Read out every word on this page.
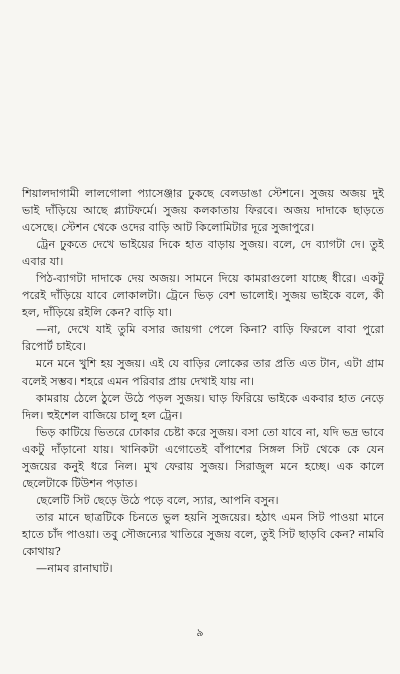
শিয়ালদাগামী লালগোলা প্যাসেঞ্জার ঢুকছে বেলডাঙা স্টেশনে। সুজয় অজয় দুই ভাই দাঁড়িয়ে আছে প্ল্যাটফর্মে। সুজয় কলকাতায় ফিরবে। অজয় দাদাকে ছাড়তে এসেছে। স্টেশন থেকে ওদের বাড়ি আট কিলোমিটার দূরে সুজাপুরে।

ট্রেন ঢুকতে দেখে ভাইয়ের দিকে হাত বাড়ায় সুজয়। বলে, দে ব্যাগটা দে। তুই এবার যা।

পিঠ-ব্যাগটা দাদাকে দেয় অজয়। সামনে দিয়ে কামরাগুলো যাচ্ছে ধীরে। একটু পরেই দাঁড়িয়ে যাবে লোকালটা। ট্রেনে ভিড় বেশ ভালোই। সুজয় ভাইকে বলে, কী হল, দাঁড়িয়ে রইলি কেন? বাড়ি যা।

—না, দেখে যাই তুমি বসার জায়গা পেলে কিনা? বাড়ি ফিরলে বাবা পুরো রিপোর্ট চাইবে।

মনে মনে খুশি হয় সুজয়। এই যে বাড়ির লোকের তার প্রতি এত টান, এটা গ্রাম বলেই সম্ভব। শহরে এমন পরিবার প্রায় দেখাই যায় না।

কামরায় ঠেলে ঠুলে উঠে পড়ল সুজয়। ঘাড় ফিরিয়ে ভাইকে একবার হাত নেড়ে দিল। হুইশেল বাজিয়ে চালু হল ট্রেন।

ভিড় কাটিয়ে ভিতরে ঢোকার চেষ্টা করে সুজয়। বসা তো যাবে না, যদি ভদ্র ভাবে একটু দাঁড়ানো যায়। খানিকটা এগোতেই বাঁপাশের সিঙ্গল সিট থেকে কে যেন সুজয়ের কনুই ধরে নিল। মুখ ফেরায় সুজয়। সিরাজুল মনে হচ্ছে। এক কালে ছেলেটাকে টিউশন পড়াত।

ছেলেটি সিট ছেড়ে উঠে পড়ে বলে, স্যার, আপনি বসুন।

তার মানে ছাত্রটিকে চিনতে ভুল হয়নি সুজয়ের। হঠাৎ এমন সিট পাওয়া মানে হাতে চাঁদ পাওয়া। তবু সৌজন্যের খাতিরে সুজয় বলে, তুই সিট ছাড়বি কেন? নামবি কোথায়?

—নামব রানাঘাট।

৯
